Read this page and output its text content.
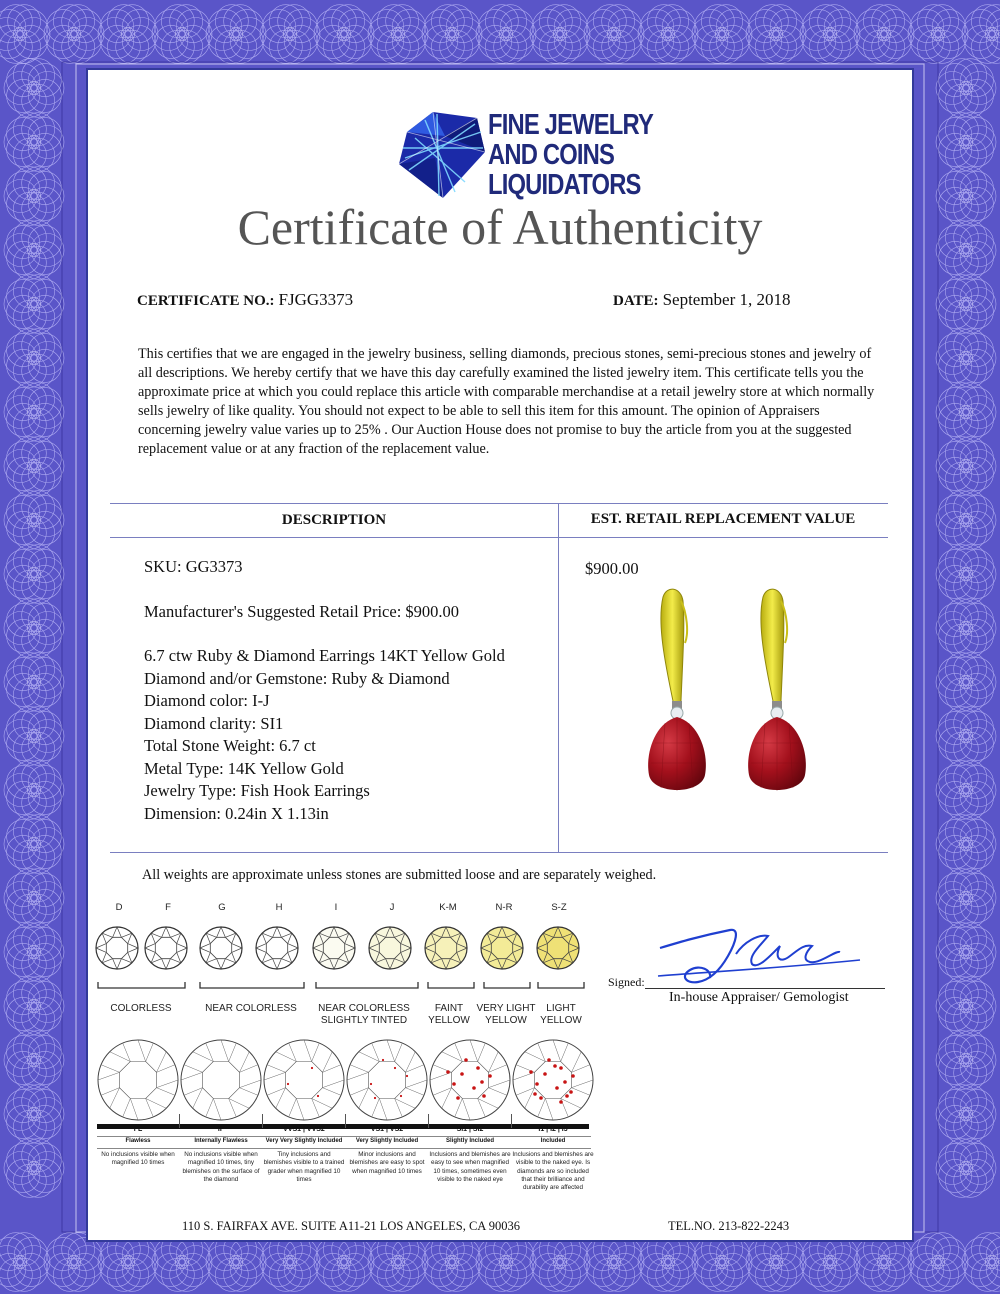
FINE JEWELRY
AND COINS
LIQUIDATORS
Certificate of Authenticity
CERTIFICATE NO.: FJGG3373	DATE: September 1, 2018
This certifies that we are engaged in the jewelry business, selling diamonds, precious stones, semi-precious stones and jewelry of all descriptions. We hereby certify that we have this day carefully examined the listed jewelry item. This certificate tells you the approximate price at which you could replace this article with comparable merchandise at a retail jewelry store at which normally sells jewelry of like quality. You should not expect to be able to sell this item for this amount. The opinion of Appraisers concerning jewelry value varies up to 25% . Our Auction House does not promise to buy the article from you at the suggested replacement value or at any fraction of the replacement value.
DESCRIPTION	EST. RETAIL REPLACEMENT VALUE
SKU: GG3373
Manufacturer's Suggested Retail Price: $900.00
6.7 ctw Ruby & Diamond Earrings 14KT Yellow Gold
Diamond and/or Gemstone: Ruby & Diamond
Diamond color: I-J
Diamond clarity: SI1
Total Stone Weight: 6.7 ct
Metal Type: 14K Yellow Gold
Jewelry Type: Fish Hook Earrings
Dimension: 0.24in X 1.13in
$900.00
All weights are approximate unless stones are submitted loose and are separately weighed.
D	F	G	H	I	J	K-M	N-R	S-Z
COLORLESS	NEAR COLORLESS	NEAR COLORLESS
SLIGHTLY TINTED
FAINT
YELLOW
VERY LIGHT
YELLOW
LIGHT
YELLOW
FL
Flawless
No inclusions visible when magnified 10 times
IF
Internally Flawless
No inclusions visible when magnified 10 times, tiny blemishes on the surface of the diamond
VVS1 | VVS2
Very Very Slightly Included
Tiny inclusions and blemishes visible to a trained grader when magnified 10 times
VS1 | VS2
Very Slightly Included
Minor inclusions and blemishes are easy to spot when magnified 10 times
SI1 | SI2
Slightly Included
Inclusions and blemishes are easy to see when magnified 10 times, sometimes even visible to the naked eye
I1 | I2 | I3
Included
Inclusions and blemishes are visible to the naked eye. Is diamonds are so included that their brilliance and durability are affected
Signed:
In-house Appraiser/ Gemologist
110 S. FAIRFAX AVE. SUITE A11-21 LOS ANGELES, CA 90036	TEL.NO. 213-822-2243
